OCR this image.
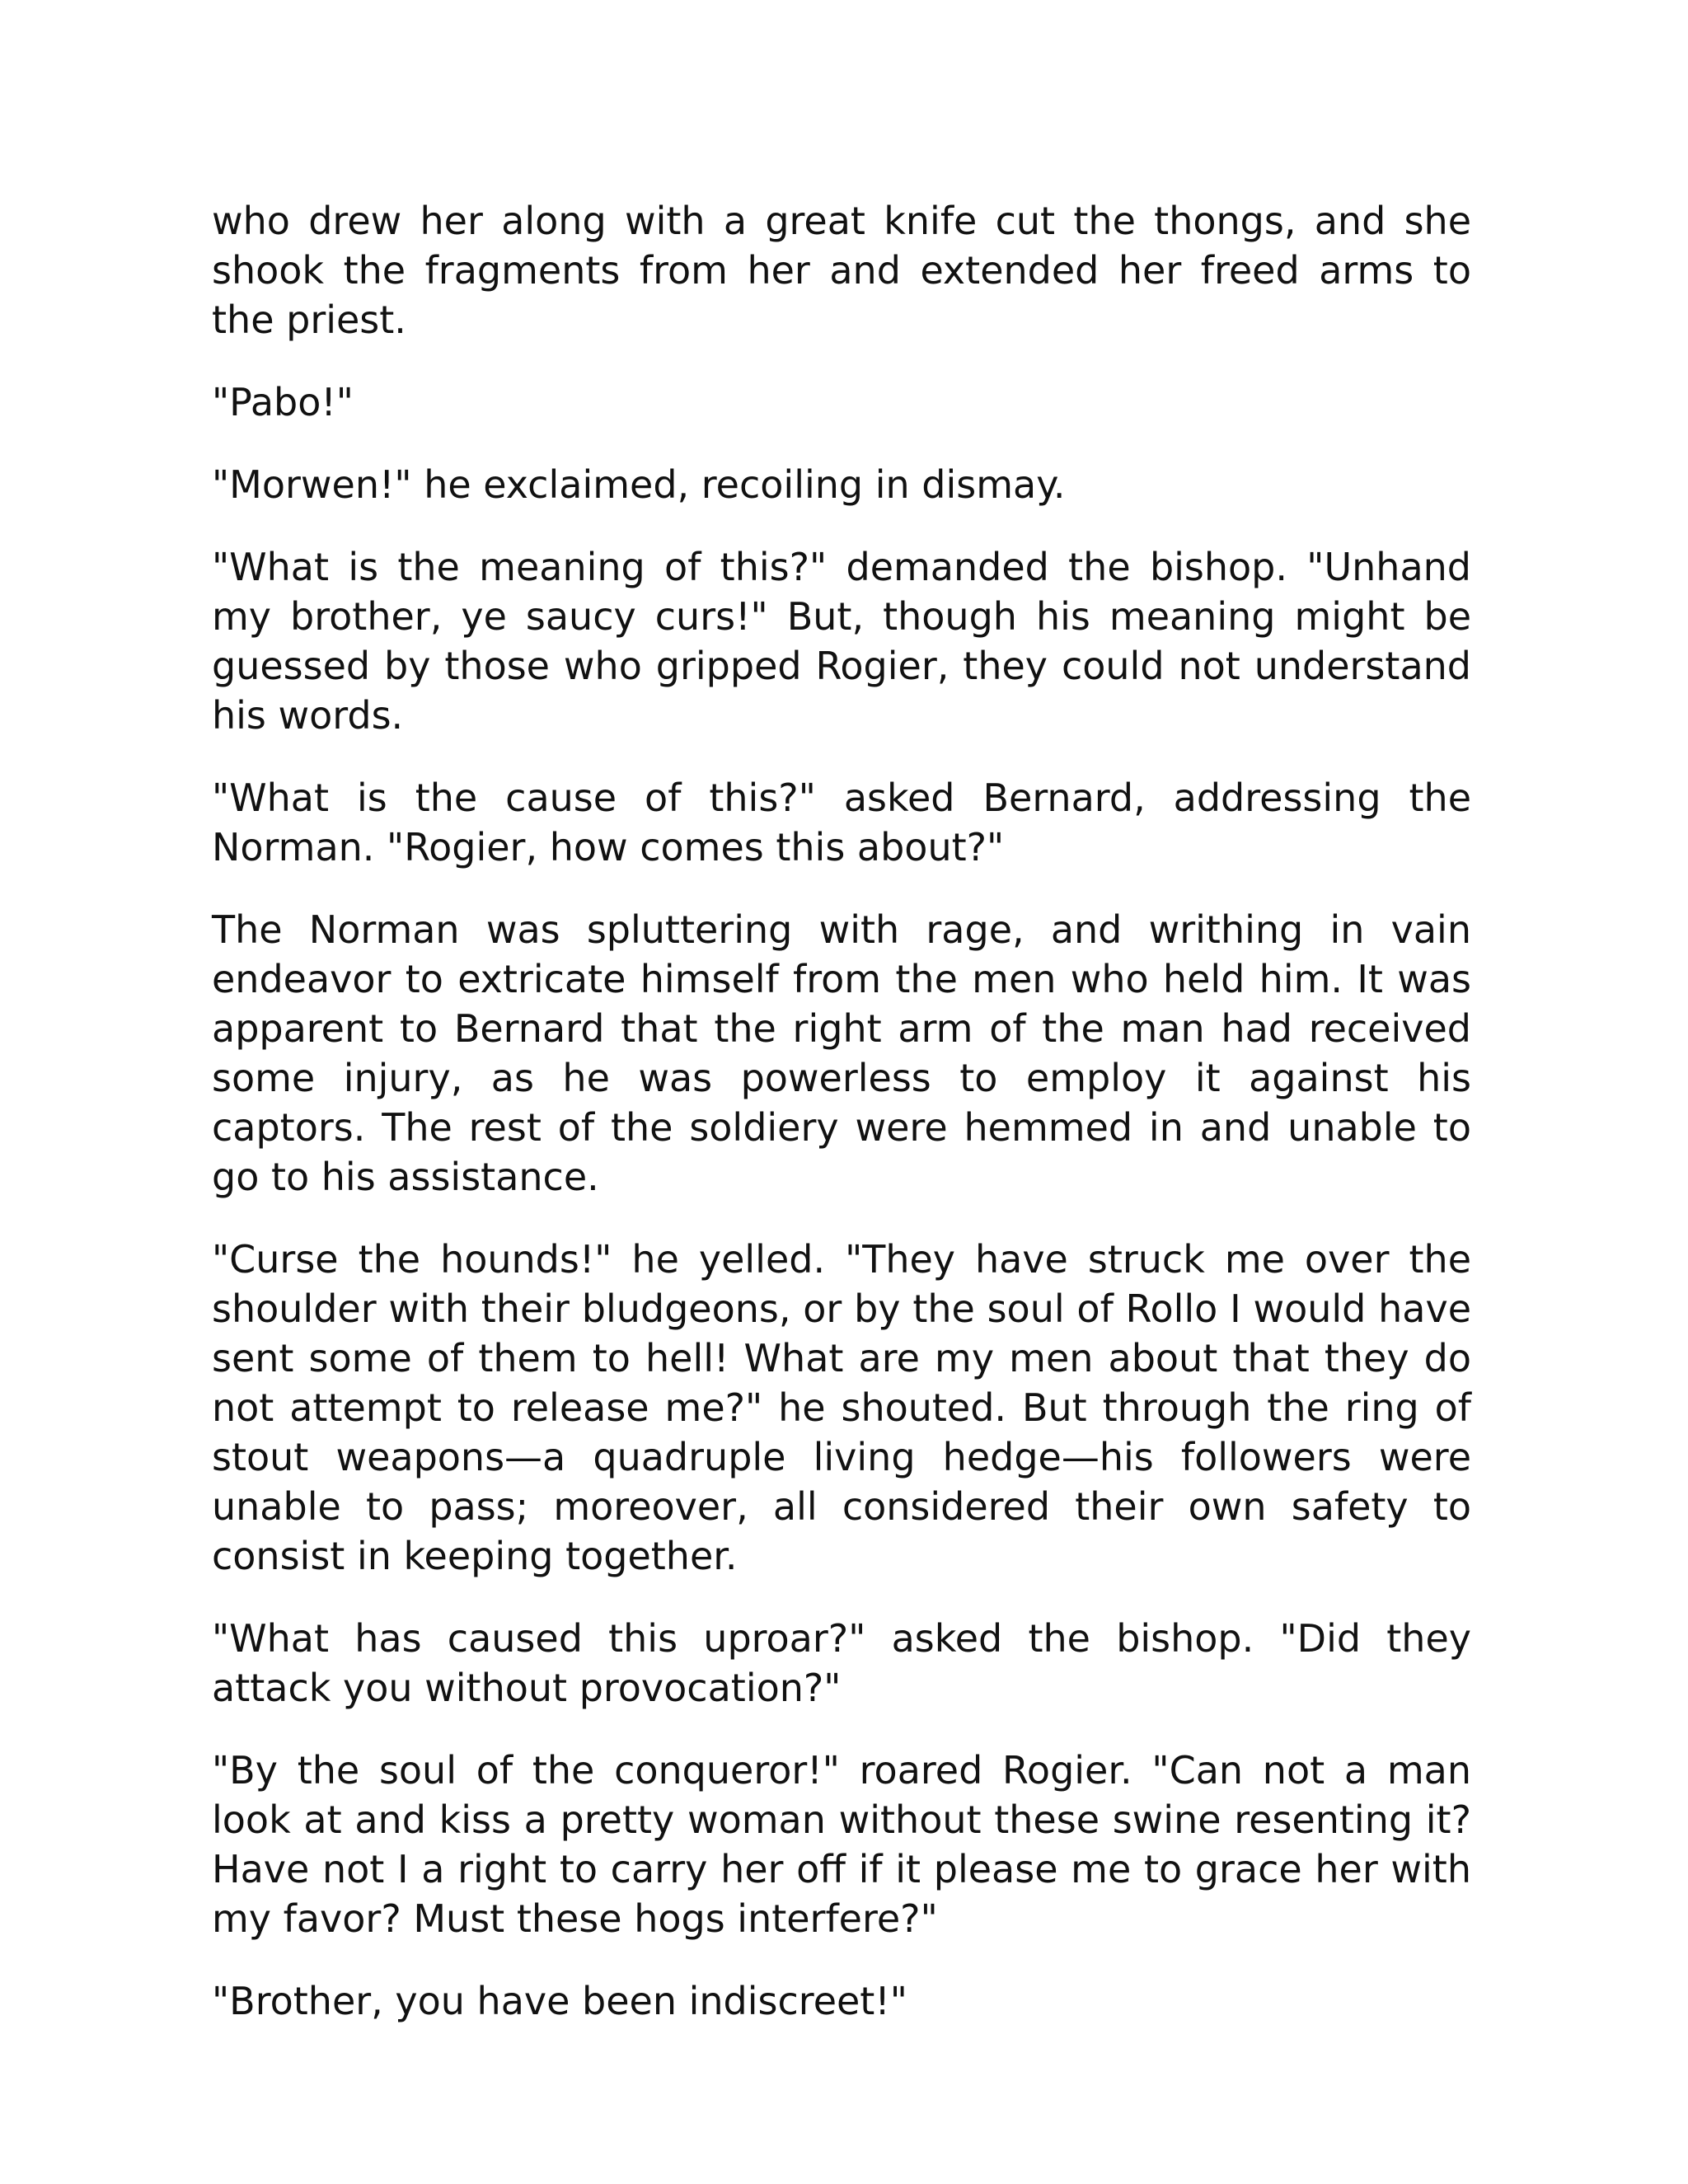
who drew her along with a great knife cut the thongs, and she shook the fragments from her and extended her freed arms to the priest.

"Pabo!"

"Morwen!" he exclaimed, recoiling in dismay.

"What is the meaning of this?" demanded the bishop. "Unhand my brother, ye saucy curs!" But, though his meaning might be guessed by those who gripped Rogier, they could not understand his words.

"What is the cause of this?" asked Bernard, addressing the Norman. "Rogier, how comes this about?"

The Norman was spluttering with rage, and writhing in vain endeavor to extricate himself from the men who held him. It was apparent to Bernard that the right arm of the man had received some injury, as he was powerless to employ it against his captors. The rest of the soldiery were hemmed in and unable to go to his assistance.

"Curse the hounds!" he yelled. "They have struck me over the shoulder with their bludgeons, or by the soul of Rollo I would have sent some of them to hell! What are my men about that they do not attempt to release me?" he shouted. But through the ring of stout weapons—a quadruple living hedge—his followers were unable to pass; moreover, all considered their own safety to consist in keeping together.

"What has caused this uproar?" asked the bishop. "Did they attack you without provocation?"

"By the soul of the conqueror!" roared Rogier. "Can not a man look at and kiss a pretty woman without these swine resenting it? Have not I a right to carry her off if it please me to grace her with my favor? Must these hogs interfere?"

"Brother, you have been indiscreet!"
